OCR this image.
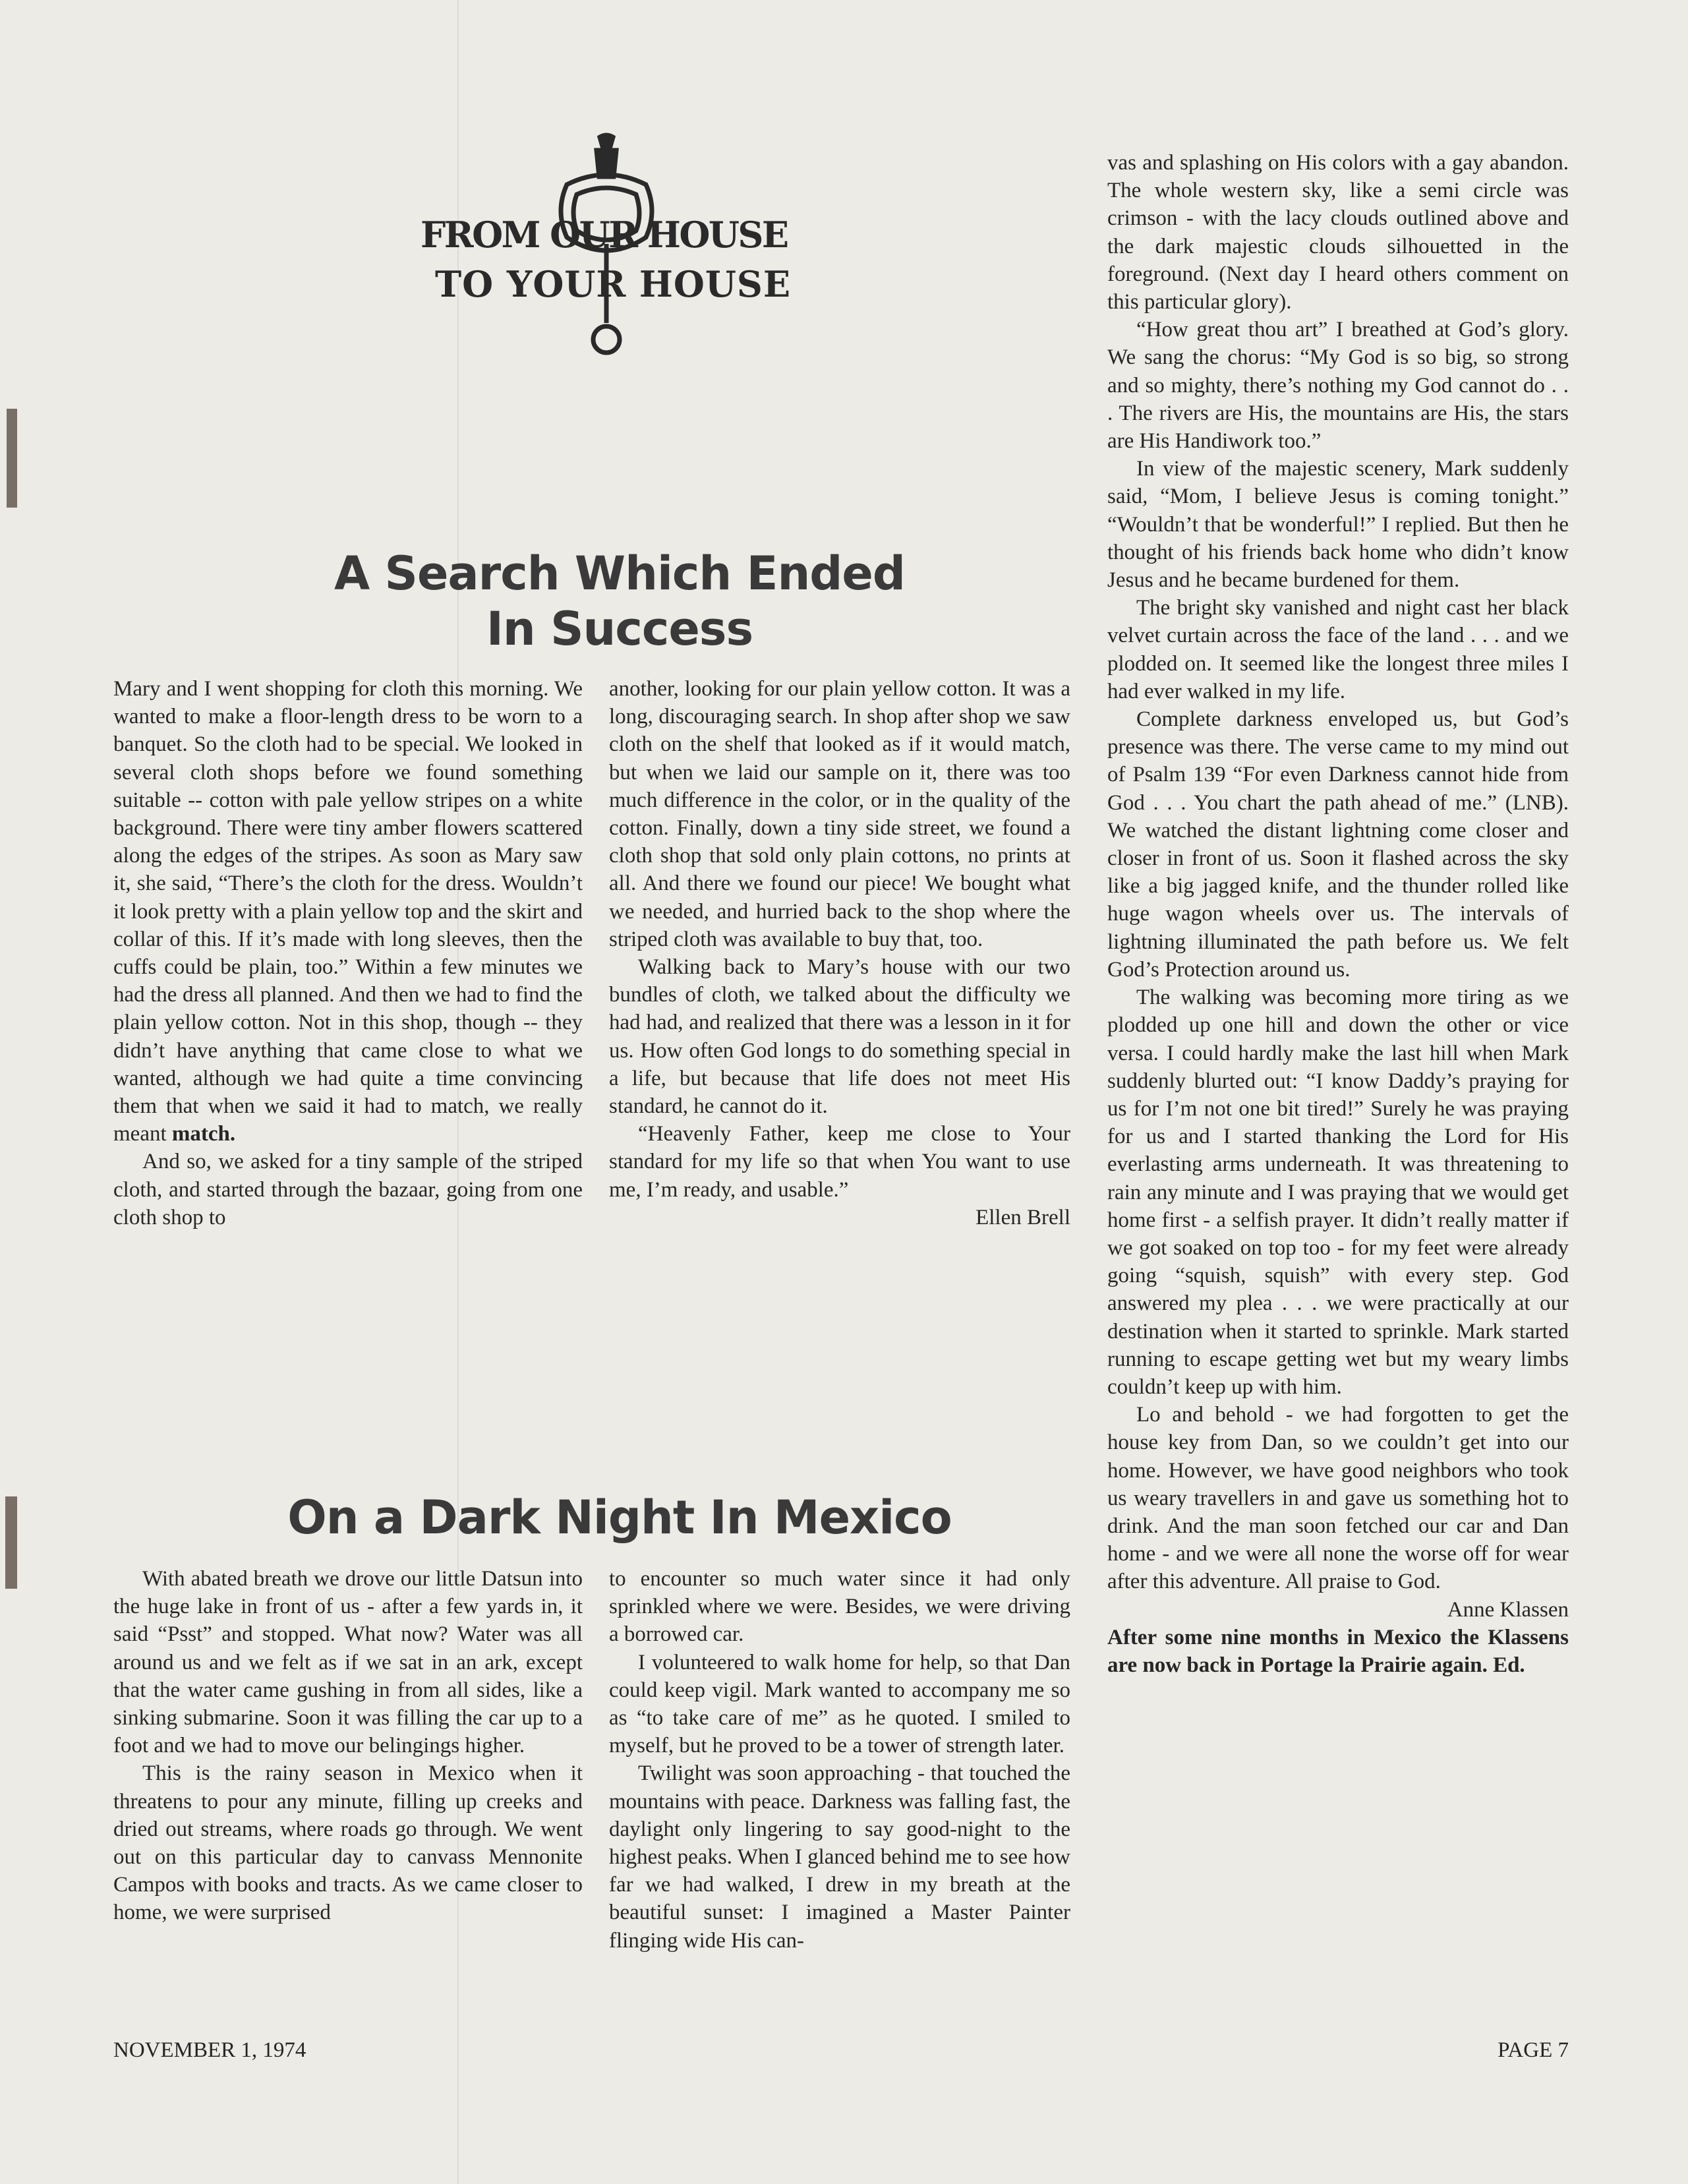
FROM OUR HOUSE
TO YOUR HOUSE
A Search Which Ended
In Success

Mary and I went shopping for cloth this morning. We wanted to make a floor-length dress to be worn to a banquet. So the cloth had to be special. We looked in several cloth shops before we found something suitable -- cotton with pale yellow stripes on a white background. There were tiny amber flowers scattered along the edges of the stripes. As soon as Mary saw it, she said, “There’s the cloth for the dress. Wouldn’t it look pretty with a plain yellow top and the skirt and collar of this. If it’s made with long sleeves, then the cuffs could be plain, too.” Within a few minutes we had the dress all planned. And then we had to find the plain yellow cotton. Not in this shop, though -- they didn’t have anything that came close to what we wanted, although we had quite a time convincing them that when we said it had to match, we really meant match.

And so, we asked for a tiny sample of the striped cloth, and started through the bazaar, going from one cloth shop to

another, looking for our plain yellow cotton. It was a long, discouraging search. In shop after shop we saw cloth on the shelf that looked as if it would match, but when we laid our sample on it, there was too much difference in the color, or in the quality of the cotton. Finally, down a tiny side street, we found a cloth shop that sold only plain cottons, no prints at all. And there we found our piece! We bought what we needed, and hurried back to the shop where the striped cloth was available to buy that, too.

Walking back to Mary’s house with our two bundles of cloth, we talked about the difficulty we had had, and realized that there was a lesson in it for us. How often God longs to do something special in a life, but because that life does not meet His standard, he cannot do it.

“Heavenly Father, keep me close to Your standard for my life so that when You want to use me, I’m ready, and usable.”

Ellen Brell

On a Dark Night In Mexico

With abated breath we drove our little Datsun into the huge lake in front of us - after a few yards in, it said “Psst” and stopped. What now? Water was all around us and we felt as if we sat in an ark, except that the water came gushing in from all sides, like a sinking submarine. Soon it was filling the car up to a foot and we had to move our belingings higher.

This is the rainy season in Mexico when it threatens to pour any minute, filling up creeks and dried out streams, where roads go through. We went out on this particular day to canvass Mennonite Campos with books and tracts. As we came closer to home, we were surprised

to encounter so much water since it had only sprinkled where we were. Besides, we were driving a borrowed car.

I volunteered to walk home for help, so that Dan could keep vigil. Mark wanted to accompany me so as “to take care of me” as he quoted. I smiled to myself, but he proved to be a tower of strength later.

Twilight was soon approaching - that touched the mountains with peace. Darkness was falling fast, the daylight only lingering to say good-night to the highest peaks. When I glanced behind me to see how far we had walked, I drew in my breath at the beautiful sunset: I imagined a Master Painter flinging wide His can-

vas and splashing on His colors with a gay abandon. The whole western sky, like a semi circle was crimson - with the lacy clouds outlined above and the dark majestic clouds silhouetted in the foreground. (Next day I heard others comment on this particular glory).

“How great thou art” I breathed at God’s glory. We sang the chorus: “My God is so big, so strong and so mighty, there’s nothing my God cannot do . . . The rivers are His, the mountains are His, the stars are His Handiwork too.”

In view of the majestic scenery, Mark suddenly said, “Mom, I believe Jesus is coming tonight.” “Wouldn’t that be wonderful!” I replied. But then he thought of his friends back home who didn’t know Jesus and he became burdened for them.

The bright sky vanished and night cast her black velvet curtain across the face of the land . . . and we plodded on. It seemed like the longest three miles I had ever walked in my life.

Complete darkness enveloped us, but God’s presence was there. The verse came to my mind out of Psalm 139 “For even Darkness cannot hide from God . . . You chart the path ahead of me.” (LNB). We watched the distant lightning come closer and closer in front of us. Soon it flashed across the sky like a big jagged knife, and the thunder rolled like huge wagon wheels over us. The intervals of lightning illuminated the path before us. We felt God’s Protection around us.

The walking was becoming more tiring as we plodded up one hill and down the other or vice versa. I could hardly make the last hill when Mark suddenly blurted out: “I know Daddy’s praying for us for I’m not one bit tired!” Surely he was praying for us and I started thanking the Lord for His everlasting arms underneath. It was threatening to rain any minute and I was praying that we would get home first - a selfish prayer. It didn’t really matter if we got soaked on top too - for my feet were already going “squish, squish” with every step. God answered my plea . . . we were practically at our destination when it started to sprinkle. Mark started running to escape getting wet but my weary limbs couldn’t keep up with him.

Lo and behold - we had forgotten to get the house key from Dan, so we couldn’t get into our home. However, we have good neighbors who took us weary travellers in and gave us something hot to drink. And the man soon fetched our car and Dan home - and we were all none the worse off for wear after this adventure. All praise to God.

Anne Klassen

After some nine months in Mexico the Klassens are now back in Portage la Prairie again. Ed.

NOVEMBER 1, 1974	PAGE 7
